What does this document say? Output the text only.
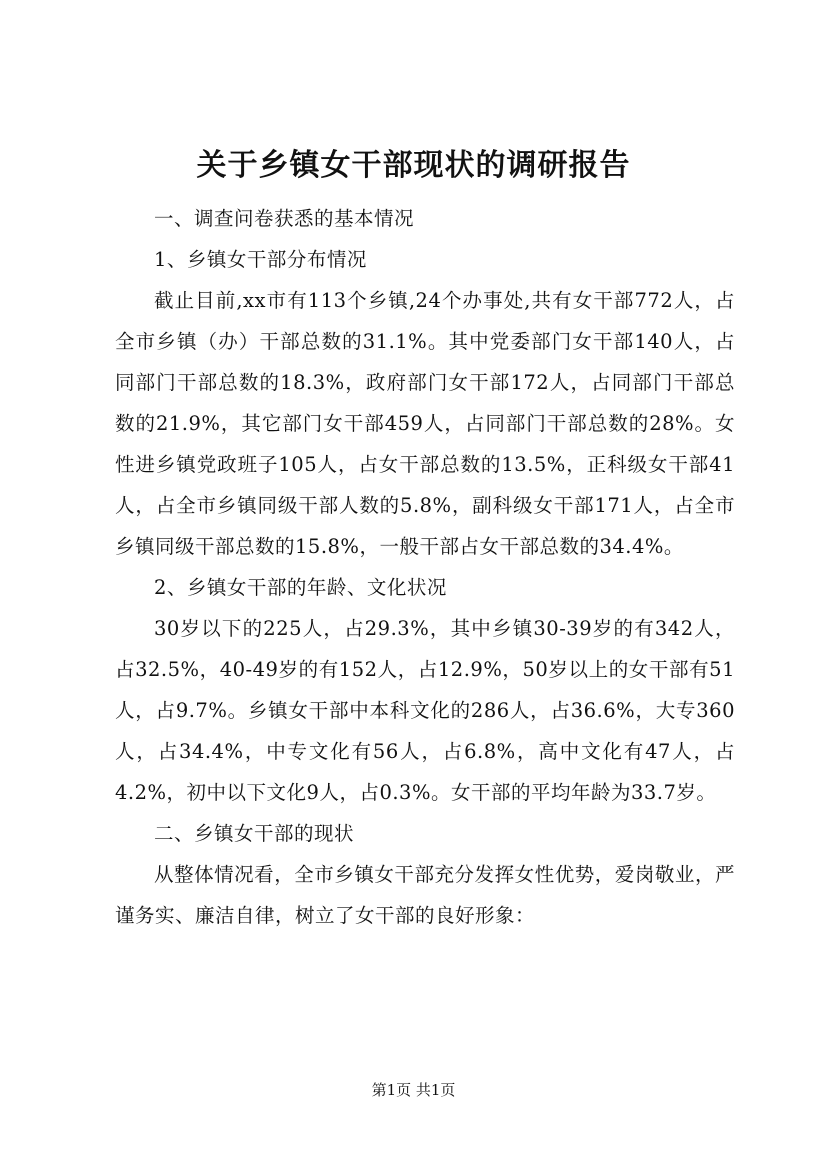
关于乡镇女干部现状的调研报告

一、调查问卷获悉的基本情况

1、乡镇女干部分布情况

截止目前,xx市有113个乡镇,24个办事处,共有女干部772人，占全市乡镇（办）干部总数的31.1%。其中党委部门女干部140人，占同部门干部总数的18.3%，政府部门女干部172人，占同部门干部总数的21.9%，其它部门女干部459人，占同部门干部总数的28%。女性进乡镇党政班子105人，占女干部总数的13.5%，正科级女干部41人，占全市乡镇同级干部人数的5.8%，副科级女干部171人，占全市乡镇同级干部总数的15.8%，一般干部占女干部总数的34.4%。

2、乡镇女干部的年龄、文化状况

30岁以下的225人，占29.3%，其中乡镇30-39岁的有342人，占32.5%，40-49岁的有152人，占12.9%，50岁以上的女干部有51人，占9.7%。乡镇女干部中本科文化的286人，占36.6%，大专360人，占34.4%，中专文化有56人，占6.8%，高中文化有47人，占4.2%，初中以下文化9人，占0.3%。女干部的平均年龄为33.7岁。

二、乡镇女干部的现状

从整体情况看，全市乡镇女干部充分发挥女性优势，爱岗敬业，严谨务实、廉洁自律，树立了女干部的良好形象：

第1页 共1页
